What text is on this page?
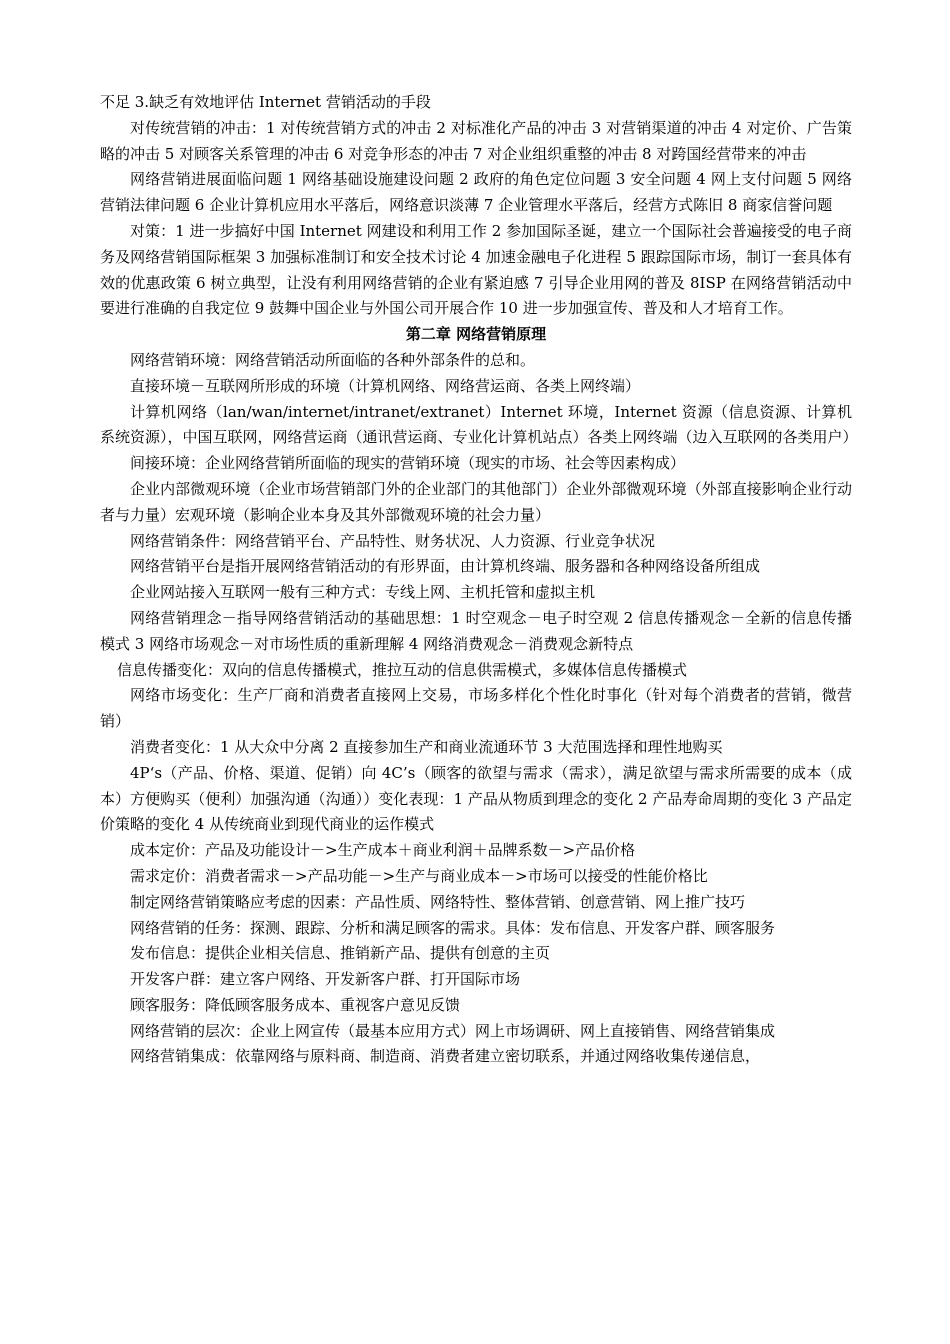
不足 3.缺乏有效地评估 Internet 营销活动的手段

对传统营销的冲击：1 对传统营销方式的冲击 2 对标准化产品的冲击 3 对营销渠道的冲击 4 对定价、广告策略的冲击 5 对顾客关系管理的冲击 6 对竞争形态的冲击 7 对企业组织重整的冲击 8 对跨国经营带来的冲击

网络营销进展面临问题 1 网络基础设施建设问题 2 政府的角色定位问题 3 安全问题 4 网上支付问题 5 网络营销法律问题 6 企业计算机应用水平落后，网络意识淡薄 7 企业管理水平落后，经营方式陈旧 8 商家信誉问题

对策：1 进一步搞好中国 Internet 网建设和利用工作 2 参加国际圣诞，建立一个国际社会普遍接受的电子商务及网络营销国际框架 3 加强标准制订和安全技术讨论 4 加速金融电子化进程 5 跟踪国际市场，制订一套具体有效的优惠政策 6 树立典型，让没有利用网络营销的企业有紧迫感 7 引导企业用网的普及 8ISP 在网络营销活动中要进行准确的自我定位 9 鼓舞中国企业与外国公司开展合作 10 进一步加强宣传、普及和人才培育工作。

第二章 网络营销原理

网络营销环境：网络营销活动所面临的各种外部条件的总和。

直接环境－互联网所形成的环境（计算机网络、网络营运商、各类上网终端）

计算机网络（lan/wan/internet/intranet/extranet）Internet 环境，Internet 资源（信息资源、计算机系统资源），中国互联网，网络营运商（通讯营运商、专业化计算机站点）各类上网终端（边入互联网的各类用户）

间接环境：企业网络营销所面临的现实的营销环境（现实的市场、社会等因素构成）

企业内部微观环境（企业市场营销部门外的企业部门的其他部门）企业外部微观环境（外部直接影响企业行动者与力量）宏观环境（影响企业本身及其外部微观环境的社会力量）

网络营销条件：网络营销平台、产品特性、财务状况、人力资源、行业竞争状况

网络营销平台是指开展网络营销活动的有形界面，由计算机终端、服务器和各种网络设备所组成

企业网站接入互联网一般有三种方式：专线上网、主机托管和虚拟主机

网络营销理念－指导网络营销活动的基础思想：1 时空观念－电子时空观 2 信息传播观念－全新的信息传播模式 3 网络市场观念－对市场性质的重新理解 4 网络消费观念－消费观念新特点

信息传播变化：双向的信息传播模式，推拉互动的信息供需模式，多媒体信息传播模式

网络市场变化：生产厂商和消费者直接网上交易，市场多样化个性化时事化（针对每个消费者的营销，微营销）

消费者变化：1 从大众中分离 2 直接参加生产和商业流通环节 3 大范围选择和理性地购买

4P‘s（产品、价格、渠道、促销）向 4C’s（顾客的欲望与需求（需求），满足欲望与需求所需要的成本（成本）方便购买（便利）加强沟通（沟通））变化表现：1 产品从物质到理念的变化 2 产品寿命周期的变化 3 产品定价策略的变化 4 从传统商业到现代商业的运作模式

成本定价：产品及功能设计－>生产成本＋商业利润＋品牌系数－>产品价格

需求定价：消费者需求－>产品功能－>生产与商业成本－>市场可以接受的性能价格比

制定网络营销策略应考虑的因素：产品性质、网络特性、整体营销、创意营销、网上推广技巧

网络营销的任务：探测、跟踪、分析和满足顾客的需求。具体：发布信息、开发客户群、顾客服务

发布信息：提供企业相关信息、推销新产品、提供有创意的主页

开发客户群：建立客户网络、开发新客户群、打开国际市场

顾客服务：降低顾客服务成本、重视客户意见反馈

网络营销的层次：企业上网宣传（最基本应用方式）网上市场调研、网上直接销售、网络营销集成

网络营销集成：依靠网络与原料商、制造商、消费者建立密切联系，并通过网络收集传递信息，
